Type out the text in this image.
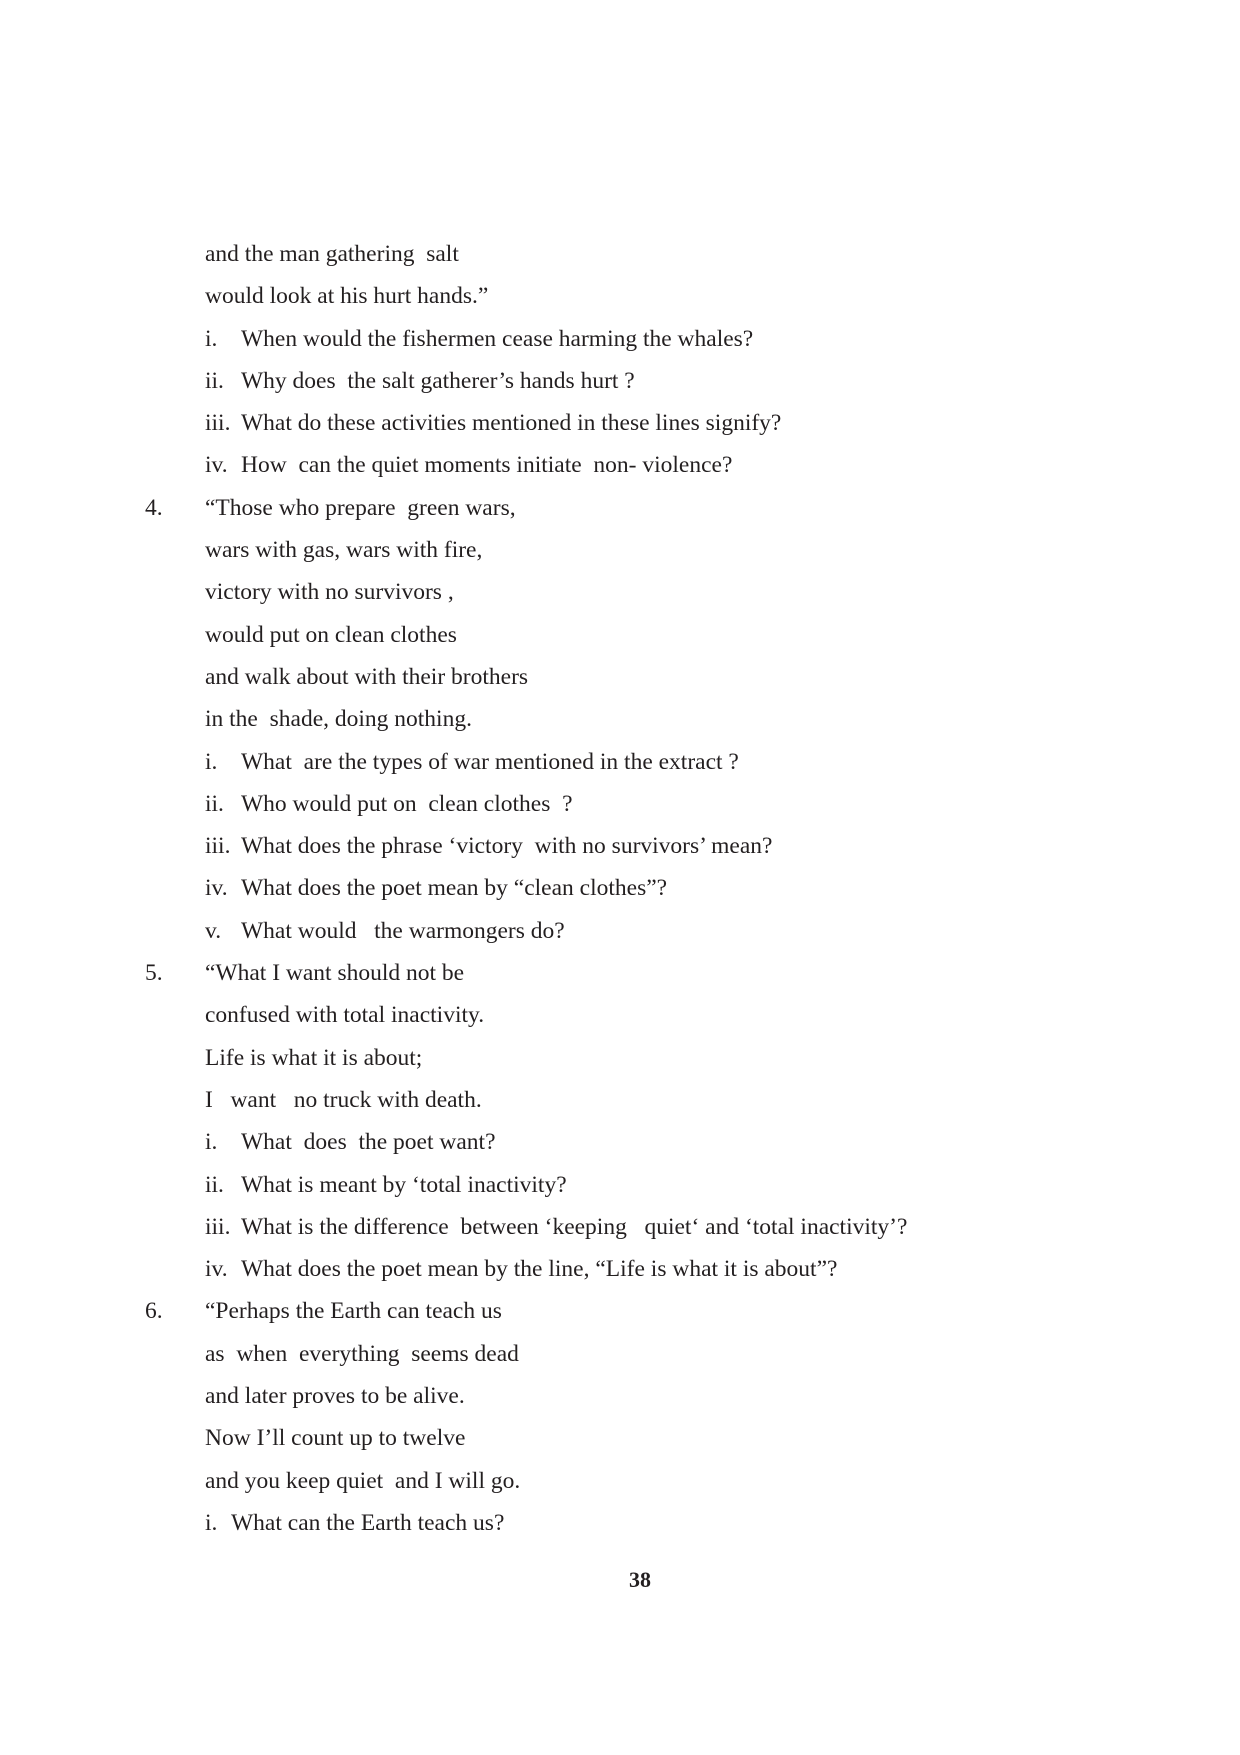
and the man gathering  salt
would look at his hurt hands.”
i. When would the fishermen cease harming the whales?
ii. Why does  the salt gatherer’s hands hurt ?
iii. What do these activities mentioned in these lines signify?
iv. How  can the quiet moments initiate  non- violence?
4. “Those who prepare  green wars,
wars with gas, wars with fire,
victory with no survivors ,
would put on clean clothes
and walk about with their brothers
in the  shade, doing nothing.
i. What  are the types of war mentioned in the extract ?
ii. Who would put on  clean clothes  ?
iii. What does the phrase ‘victory  with no survivors’ mean?
iv. What does the poet mean by “clean clothes”?
v. What would   the warmongers do?
5. “What I want should not be
confused with total inactivity.
Life is what it is about;
I   want   no truck with death.
i. What  does  the poet want?
ii. What is meant by ‘total inactivity?
iii. What is the difference  between ‘keeping   quiet‘ and ‘total inactivity’?
iv. What does the poet mean by the line, “Life is what it is about”?
6. “Perhaps the Earth can teach us
as  when  everything  seems dead
and later proves to be alive.
Now I’ll count up to twelve
and you keep quiet  and I will go.
i. What can the Earth teach us?
38
